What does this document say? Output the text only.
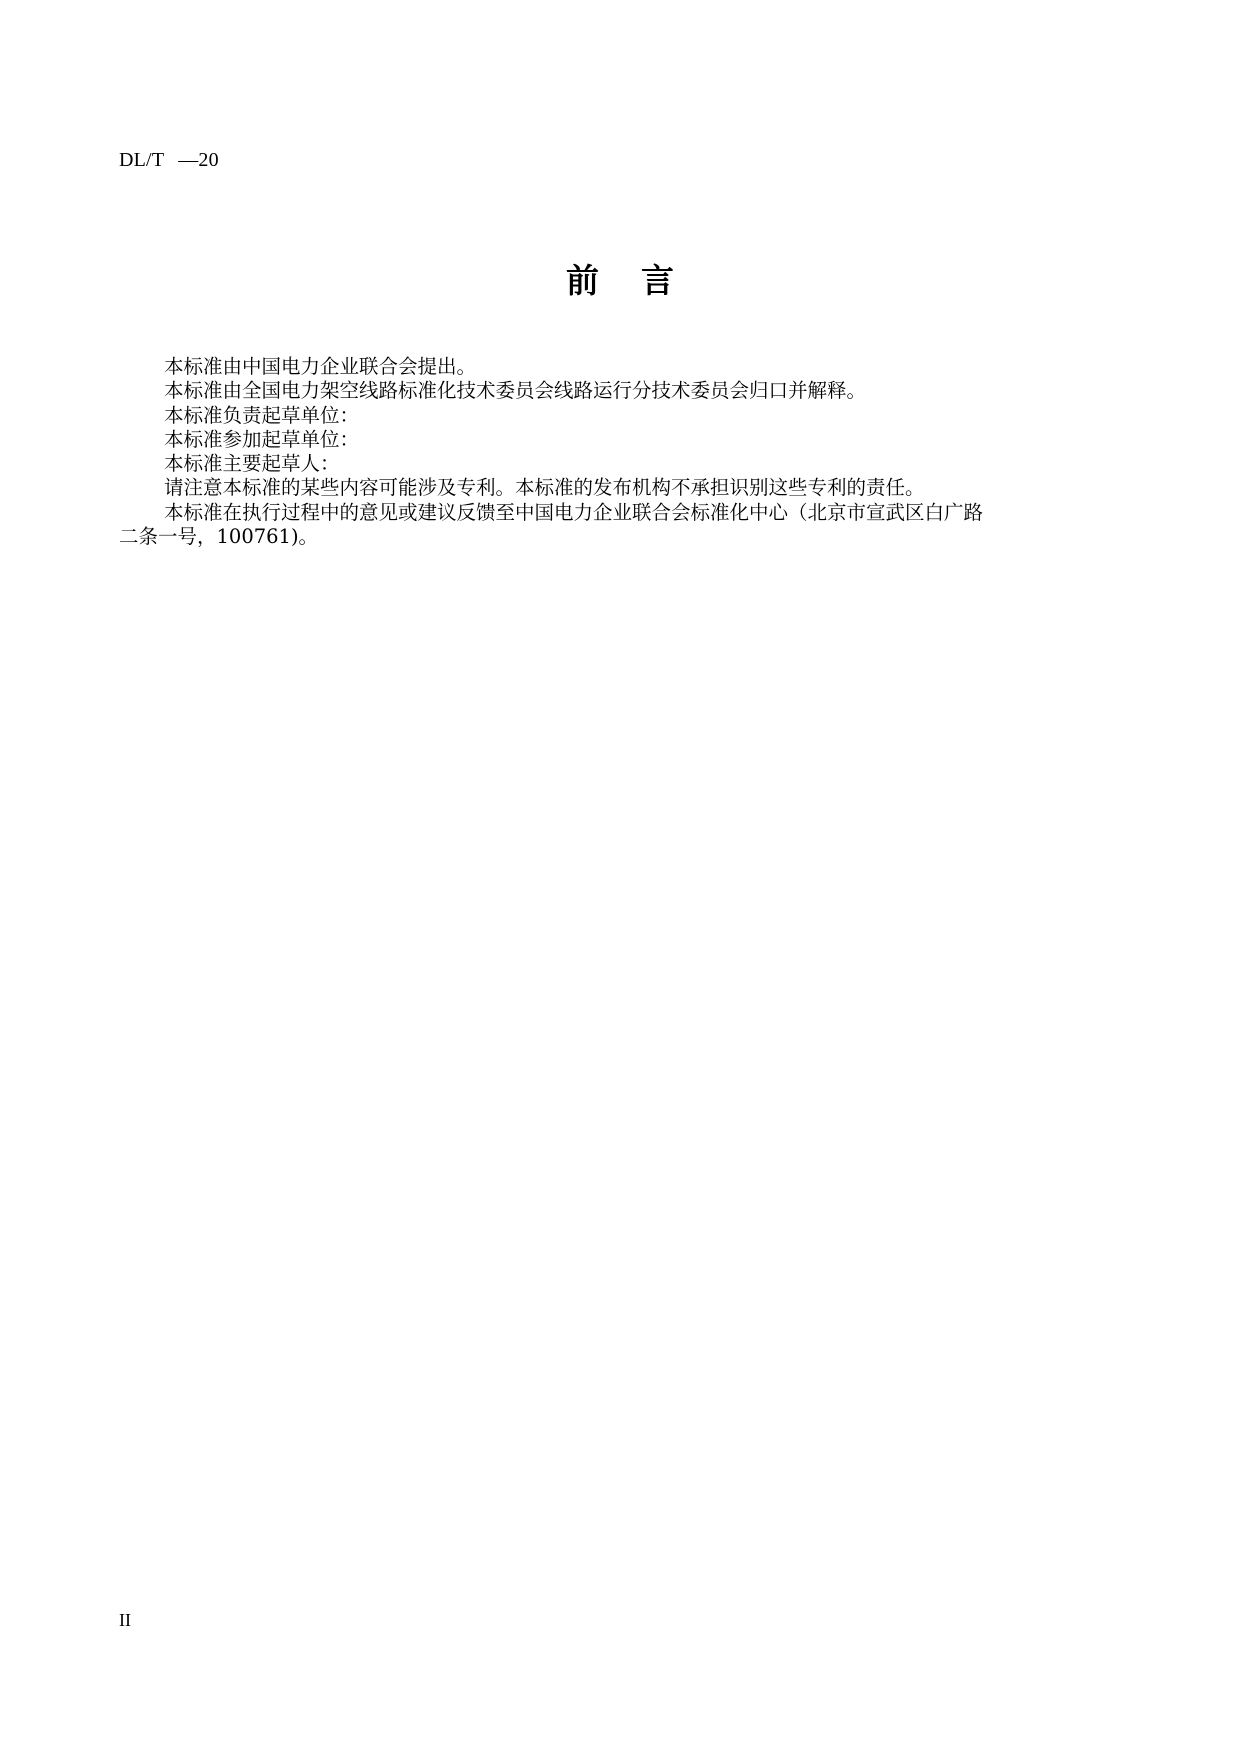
DL/T —20
前 言

本标准由中国电力企业联合会提出。

本标准由全国电力架空线路标准化技术委员会线路运行分技术委员会归口并解释。

本标准负责起草单位：

本标准参加起草单位：

本标准主要起草人：

请注意本标准的某些内容可能涉及专利。本标准的发布机构不承担识别这些专利的责任。

本标准在执行过程中的意见或建议反馈至中国电力企业联合会标准化中心（北京市宣武区白广路
二条一号，100761)。

II
